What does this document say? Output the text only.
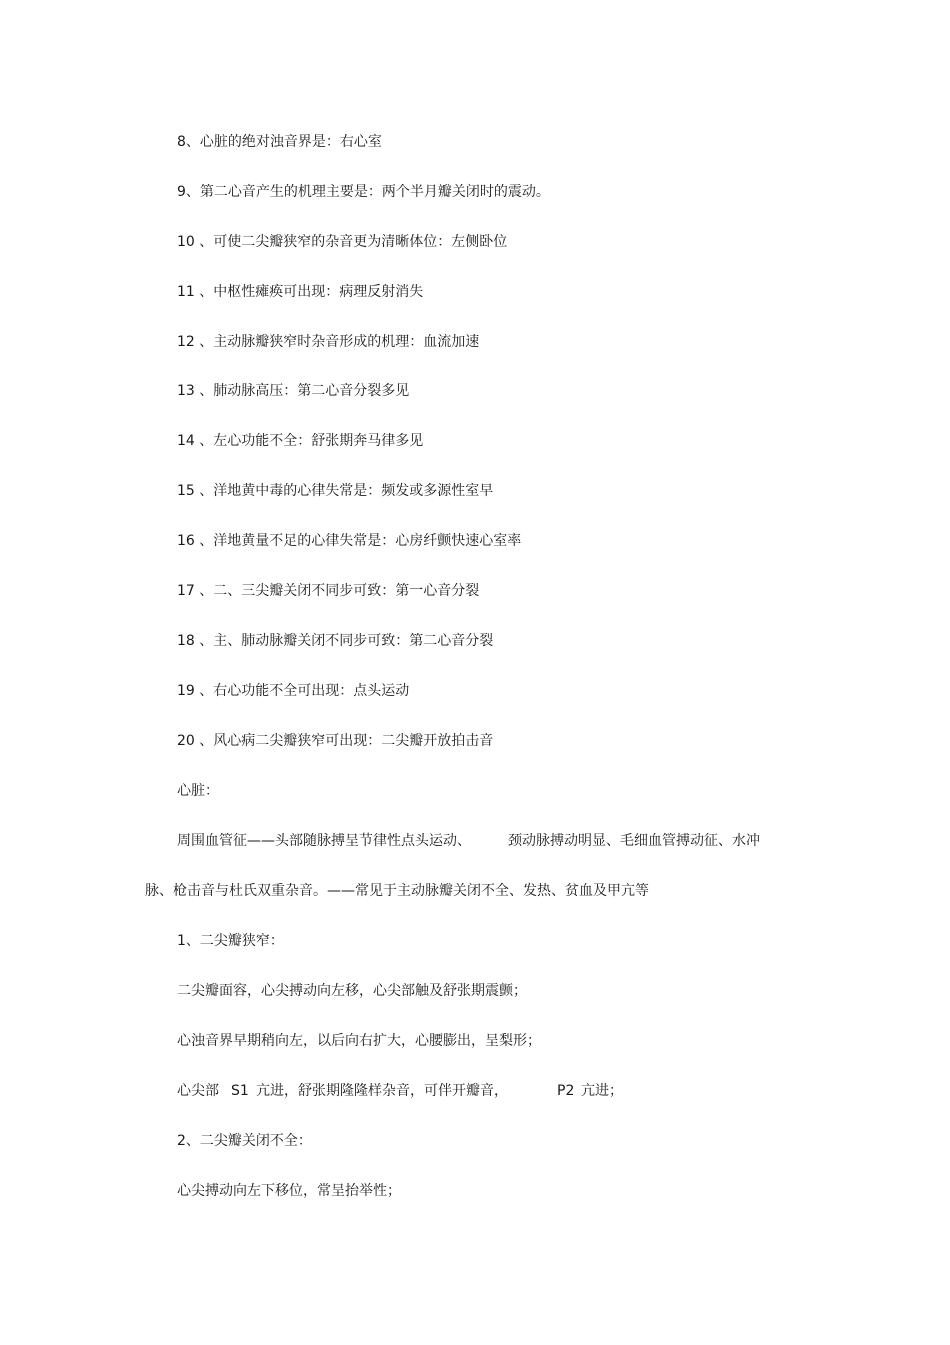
8、心脏的绝对浊音界是：右心室
9、第二心音产生的机理主要是：两个半月瓣关闭时的震动。
10 、可使二尖瓣狭窄的杂音更为清晰体位：左侧卧位
11 、中枢性瘫痪可出现：病理反射消失
12 、主动脉瓣狭窄时杂音形成的机理：血流加速
13 、肺动脉高压：第二心音分裂多见
14 、左心功能不全：舒张期奔马律多见
15 、洋地黄中毒的心律失常是：频发或多源性室早
16 、洋地黄量不足的心律失常是：心房纤颤快速心室率
17 、二、三尖瓣关闭不同步可致：第一心音分裂
18 、主、肺动脉瓣关闭不同步可致：第二心音分裂
19 、右心功能不全可出现：点头运动
20 、风心病二尖瓣狭窄可出现：二尖瓣开放拍击音
心脏：
周围血管征——头部随脉搏呈节律性点头运动、	颈动脉搏动明显、毛细血管搏动征、水冲
脉、枪击音与杜氏双重杂音。——常见于主动脉瓣关闭不全、发热、贫血及甲亢等
1、二尖瓣狭窄：
二尖瓣面容，心尖搏动向左移，心尖部触及舒张期震颤；
心浊音界早期稍向左，以后向右扩大，心腰膨出，呈梨形；
心尖部 S1 亢进，舒张期隆隆样杂音，可伴开瓣音，	P2 亢进；
2、二尖瓣关闭不全：
心尖搏动向左下移位，常呈抬举性；
